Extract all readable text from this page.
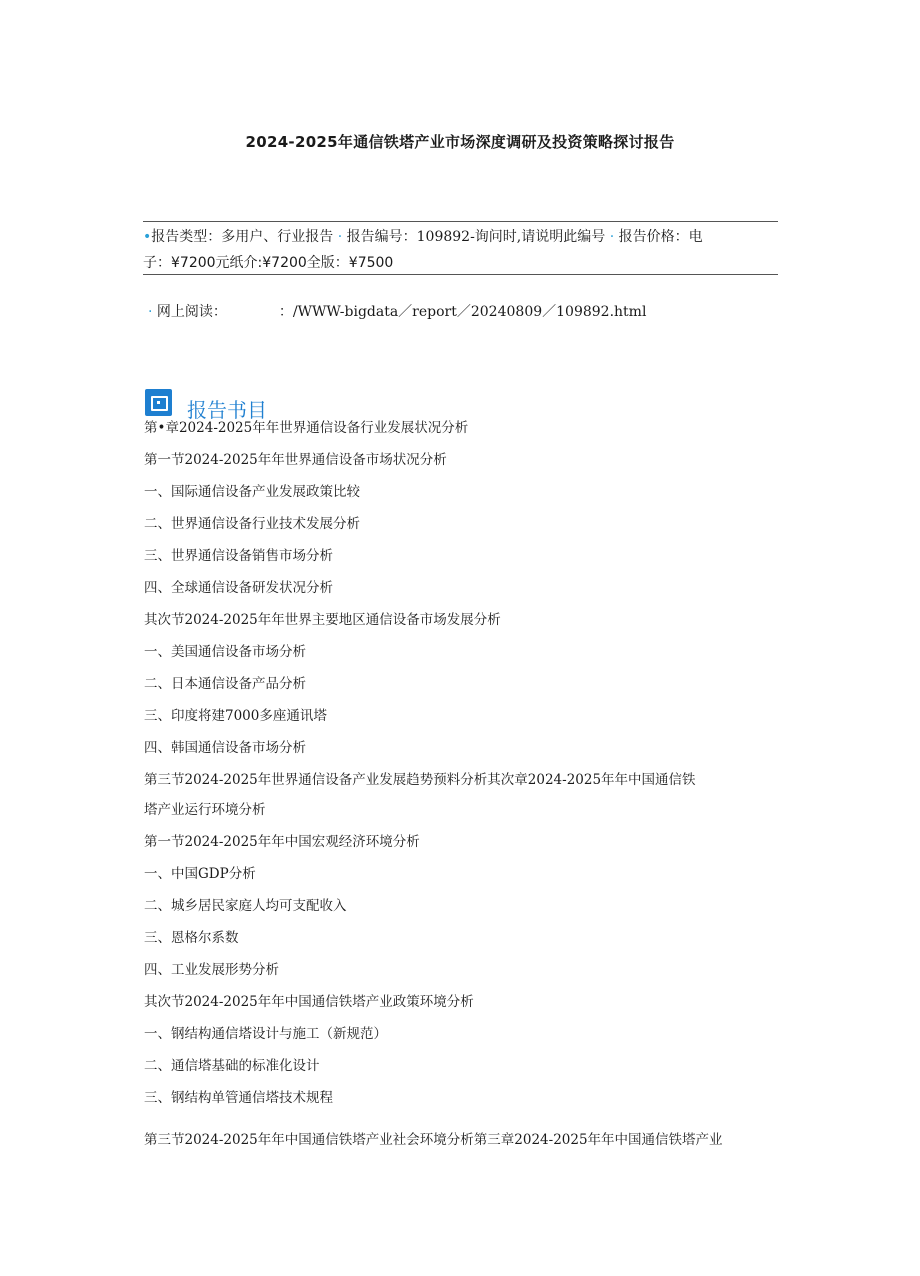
2024-2025年通信铁塔产业市场深度调研及投资策略探讨报告
•报告类型：多用户、行业报告 · 报告编号：109892-询问时,请说明此编号 · 报告价格：电
子：¥7200元纸介:¥7200全版：¥7500
· 网上阅读：	：/WWW-bigdata／report／20240809／109892.html
报告书目
第•章2024-2025年年世界通信设备行业发展状况分析
第一节2024-2025年年世界通信设备市场状况分析
一、国际通信设备产业发展政策比较
二、世界通信设备行业技术发展分析
三、世界通信设备销售市场分析
四、全球通信设备研发状况分析
其次节2024-2025年年世界主要地区通信设备市场发展分析
一、美国通信设备市场分析
二、日本通信设备产品分析
三、印度将建7000多座通讯塔
四、韩国通信设备市场分析
第三节2024-2025年世界通信设备产业发展趋势预料分析其次章2024-2025年年中国通信铁
塔产业运行环境分析
第一节2024-2025年年中国宏观经济环境分析
一、中国GDP分析
二、城乡居民家庭人均可支配收入
三、恩格尔系数
四、工业发展形势分析
其次节2024-2025年年中国通信铁塔产业政策环境分析
一、钢结构通信塔设计与施工（新规范）
二、通信塔基础的标准化设计
三、钢结构单管通信塔技术规程
第三节2024-2025年年中国通信铁塔产业社会环境分析第三章2024-2025年年中国通信铁塔产业
